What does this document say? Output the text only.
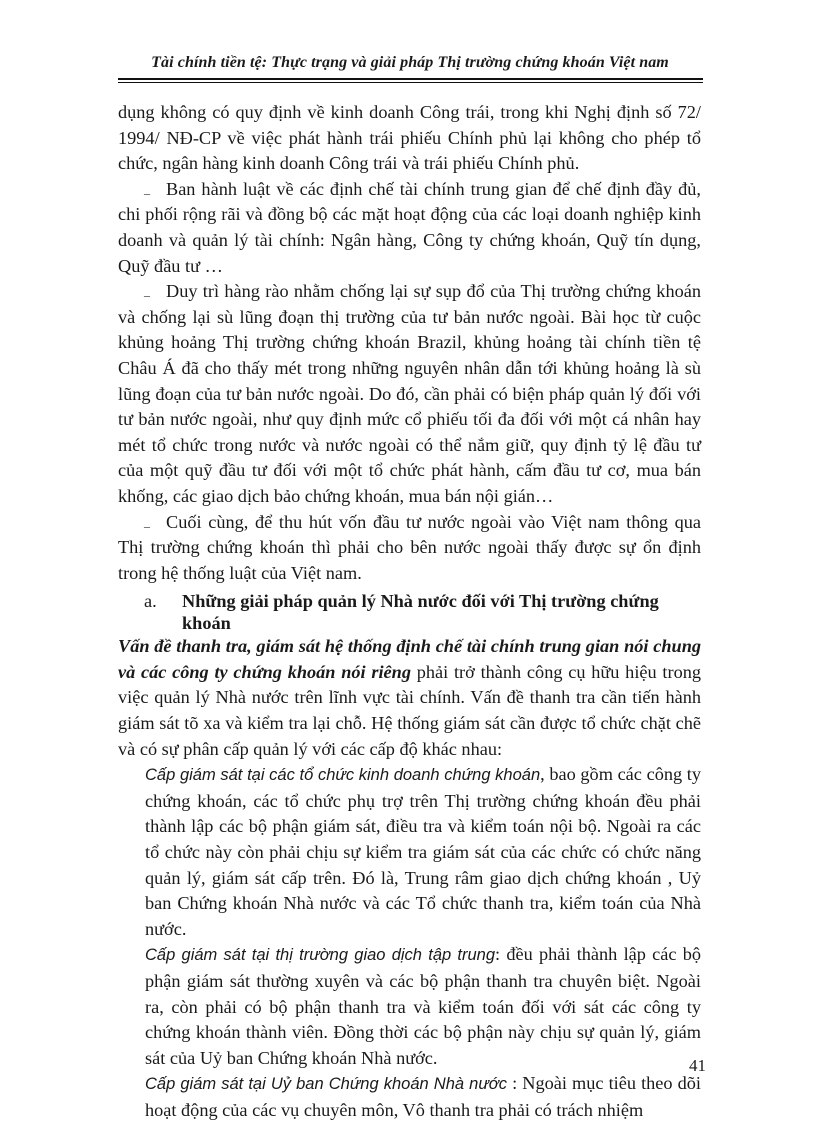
Tài chính tiền tệ: Thực trạng và giải pháp Thị trường chứng khoán Việt nam

dụng không có quy định về kinh doanh Công trái, trong khi Nghị định số 72/ 1994/ NĐ-CP về việc phát hành trái phiếu Chính phủ lại không cho phép tổ chức, ngân hàng kinh doanh Công trái và trái phiếu Chính phủ.

_ Ban hành luật về các định chế tài chính trung gian để chế định đầy đủ, chi phối rộng rãi và đồng bộ các mặt hoạt động của các loại doanh nghiệp kinh doanh và quản lý tài chính: Ngân hàng, Công ty chứng khoán, Quỹ tín dụng, Quỹ đầu tư …

_ Duy trì hàng rào nhằm chống lại sự sụp đổ của Thị trường chứng khoán và chống lại sù lũng đoạn thị trường của tư bản nước ngoài. Bài học từ cuộc khủng hoảng Thị trường chứng khoán Brazil, khủng hoảng tài chính tiền tệ Châu Á đã cho thấy mét trong những nguyên nhân dẫn tới khủng hoảng là sù lũng đoạn của tư bản nước ngoài. Do đó, cần phải có biện pháp quản lý đối với tư bản nước ngoài, như quy định mức cổ phiếu tối đa đối với một cá nhân hay mét tổ chức trong nước và nước ngoài có thể nắm giữ, quy định tỷ lệ đầu tư của một quỹ đầu tư đối với một tổ chức phát hành, cấm đầu tư cơ, mua bán khống, các giao dịch bảo chứng khoán, mua bán nội gián…

_ Cuối cùng, để thu hút vốn đầu tư nước ngoài vào Việt nam thông qua Thị trường chứng khoán thì phải cho bên nước ngoài thấy được sự ổn định trong hệ thống luật của Việt nam.

a.	Những giải pháp quản lý Nhà nước đối với Thị trường chứng khoán

Vấn đề thanh tra, giám sát hệ thống định chế tài chính trung gian nói chung và các công ty chứng khoán nói riêng phải trở thành công cụ hữu hiệu trong việc quản lý Nhà nước trên lĩnh vực tài chính. Vấn đề thanh tra cần tiến hành giám sát tõ xa và kiểm tra lại chỗ. Hệ thống giám sát cần được tổ chức chặt chẽ và có sự phân cấp quản lý với các cấp độ khác nhau:

Cấp giám sát tại các tổ chức kinh doanh chứng khoán, bao gồm các công ty chứng khoán, các tổ chức phụ trợ trên Thị trường chứng khoán đều phải thành lập các bộ phận giám sát, điều tra và kiểm toán nội bộ. Ngoài ra các tổ chức này còn phải chịu sự kiểm tra giám sát của các chức có chức năng quản lý, giám sát cấp trên. Đó là, Trung râm giao dịch chứng khoán , Uỷ ban Chứng khoán Nhà nước và các Tổ chức thanh tra, kiểm toán của Nhà nước.

Cấp giám sát tại thị trường giao dịch tập trung: đều phải thành lập các bộ phận giám sát thường xuyên và các bộ phận thanh tra chuyên biệt. Ngoài ra, còn phải có bộ phận thanh tra và kiểm toán đối với sát các công ty chứng khoán thành viên. Đồng thời các bộ phận này chịu sự quản lý, giám sát của Uỷ ban Chứng khoán Nhà nước.

Cấp giám sát tại Uỷ ban Chứng khoán Nhà nước : Ngoài mục tiêu theo dõi hoạt động của các vụ chuyên môn, Vô thanh tra phải có trách nhiệm

41
